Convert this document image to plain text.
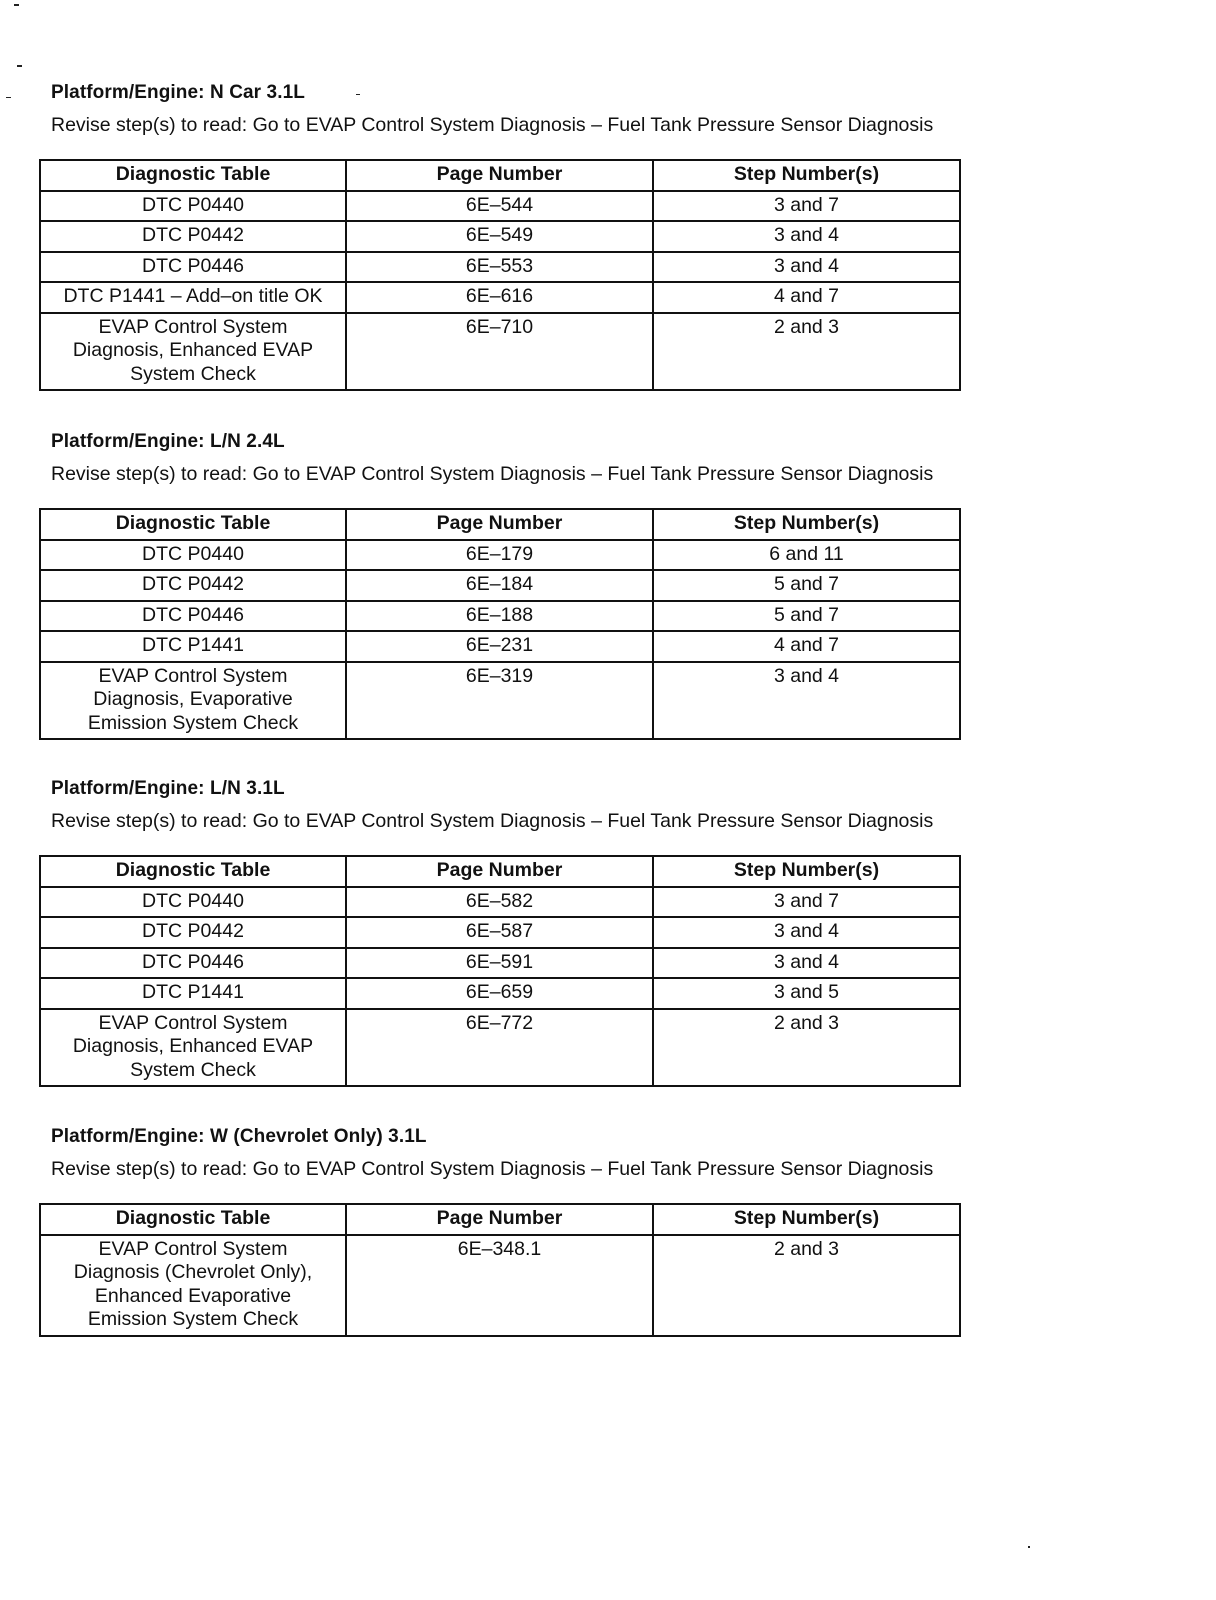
Platform/Engine: N Car 3.1L
Revise step(s) to read: Go to EVAP Control System Diagnosis – Fuel Tank Pressure Sensor Diagnosis
Diagnostic Table	Page Number	Step Number(s)
DTC P0440	6E–544	3 and 7
DTC P0442	6E–549	3 and 4
DTC P0446	6E–553	3 and 4
DTC P1441 – Add–on title OK	6E–616	4 and 7
EVAP Control System
Diagnosis, Enhanced EVAP
System Check	6E–710	2 and 3
Platform/Engine: L/N 2.4L
Revise step(s) to read: Go to EVAP Control System Diagnosis – Fuel Tank Pressure Sensor Diagnosis
Diagnostic Table	Page Number	Step Number(s)
DTC P0440	6E–179	6 and 11
DTC P0442	6E–184	5 and 7
DTC P0446	6E–188	5 and 7
DTC P1441	6E–231	4 and 7
EVAP Control System
Diagnosis, Evaporative
Emission System Check	6E–319	3 and 4
Platform/Engine: L/N 3.1L
Revise step(s) to read: Go to EVAP Control System Diagnosis – Fuel Tank Pressure Sensor Diagnosis
Diagnostic Table	Page Number	Step Number(s)
DTC P0440	6E–582	3 and 7
DTC P0442	6E–587	3 and 4
DTC P0446	6E–591	3 and 4
DTC P1441	6E–659	3 and 5
EVAP Control System
Diagnosis, Enhanced EVAP
System Check	6E–772	2 and 3
Platform/Engine: W (Chevrolet Only) 3.1L
Revise step(s) to read: Go to EVAP Control System Diagnosis – Fuel Tank Pressure Sensor Diagnosis
Diagnostic Table	Page Number	Step Number(s)
EVAP Control System
Diagnosis (Chevrolet Only),
Enhanced Evaporative
Emission System Check	6E–348.1	2 and 3
